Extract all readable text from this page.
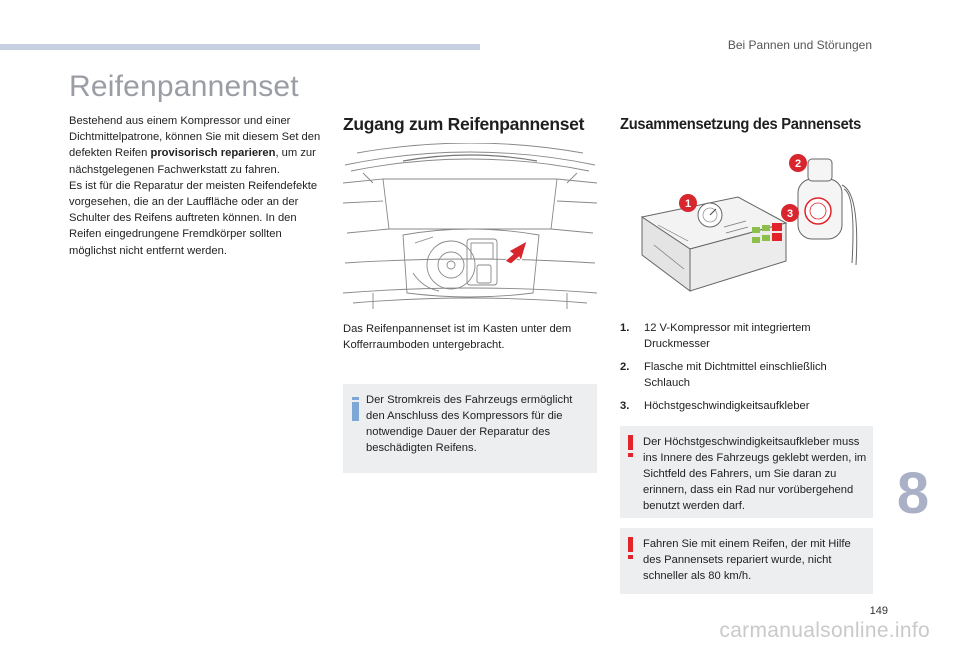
Bei Pannen und Störungen
Reifenpannenset

Bestehend aus einem Kompressor und einer Dichtmittelpatrone, können Sie mit diesem Set den defekten Reifen provisorisch reparieren, um zur nächstgelegenen Fachwerkstatt zu fahren.

Es ist für die Reparatur der meisten Reifendefekte vorgesehen, die an der Lauffläche oder an der Schulter des Reifens auftreten können. In den Reifen eingedrungene Fremdkörper sollten möglichst nicht entfernt werden.

Zugang zum Reifenpannenset

Das Reifenpannenset ist im Kasten unter dem Kofferraumboden untergebracht.

Der Stromkreis des Fahrzeugs ermöglicht den Anschluss des Kompressors für die notwendige Dauer der Reparatur des beschädigten Reifens.
Zusammensetzung des Pannensets
1
2
3
1. 12 V-Kompressor mit integriertem Druckmesser
2. Flasche mit Dichtmittel einschließlich Schlauch
3. Höchstgeschwindigkeitsaufkleber
Der Höchstgeschwindigkeitsaufkleber muss ins Innere des Fahrzeugs geklebt werden, im Sichtfeld des Fahrers, um Sie daran zu erinnern, dass ein Rad nur vorübergehend benutzt werden darf.
Fahren Sie mit einem Reifen, der mit Hilfe des Pannensets repariert wurde, nicht schneller als 80 km/h.
8
149
carmanualsonline.info
